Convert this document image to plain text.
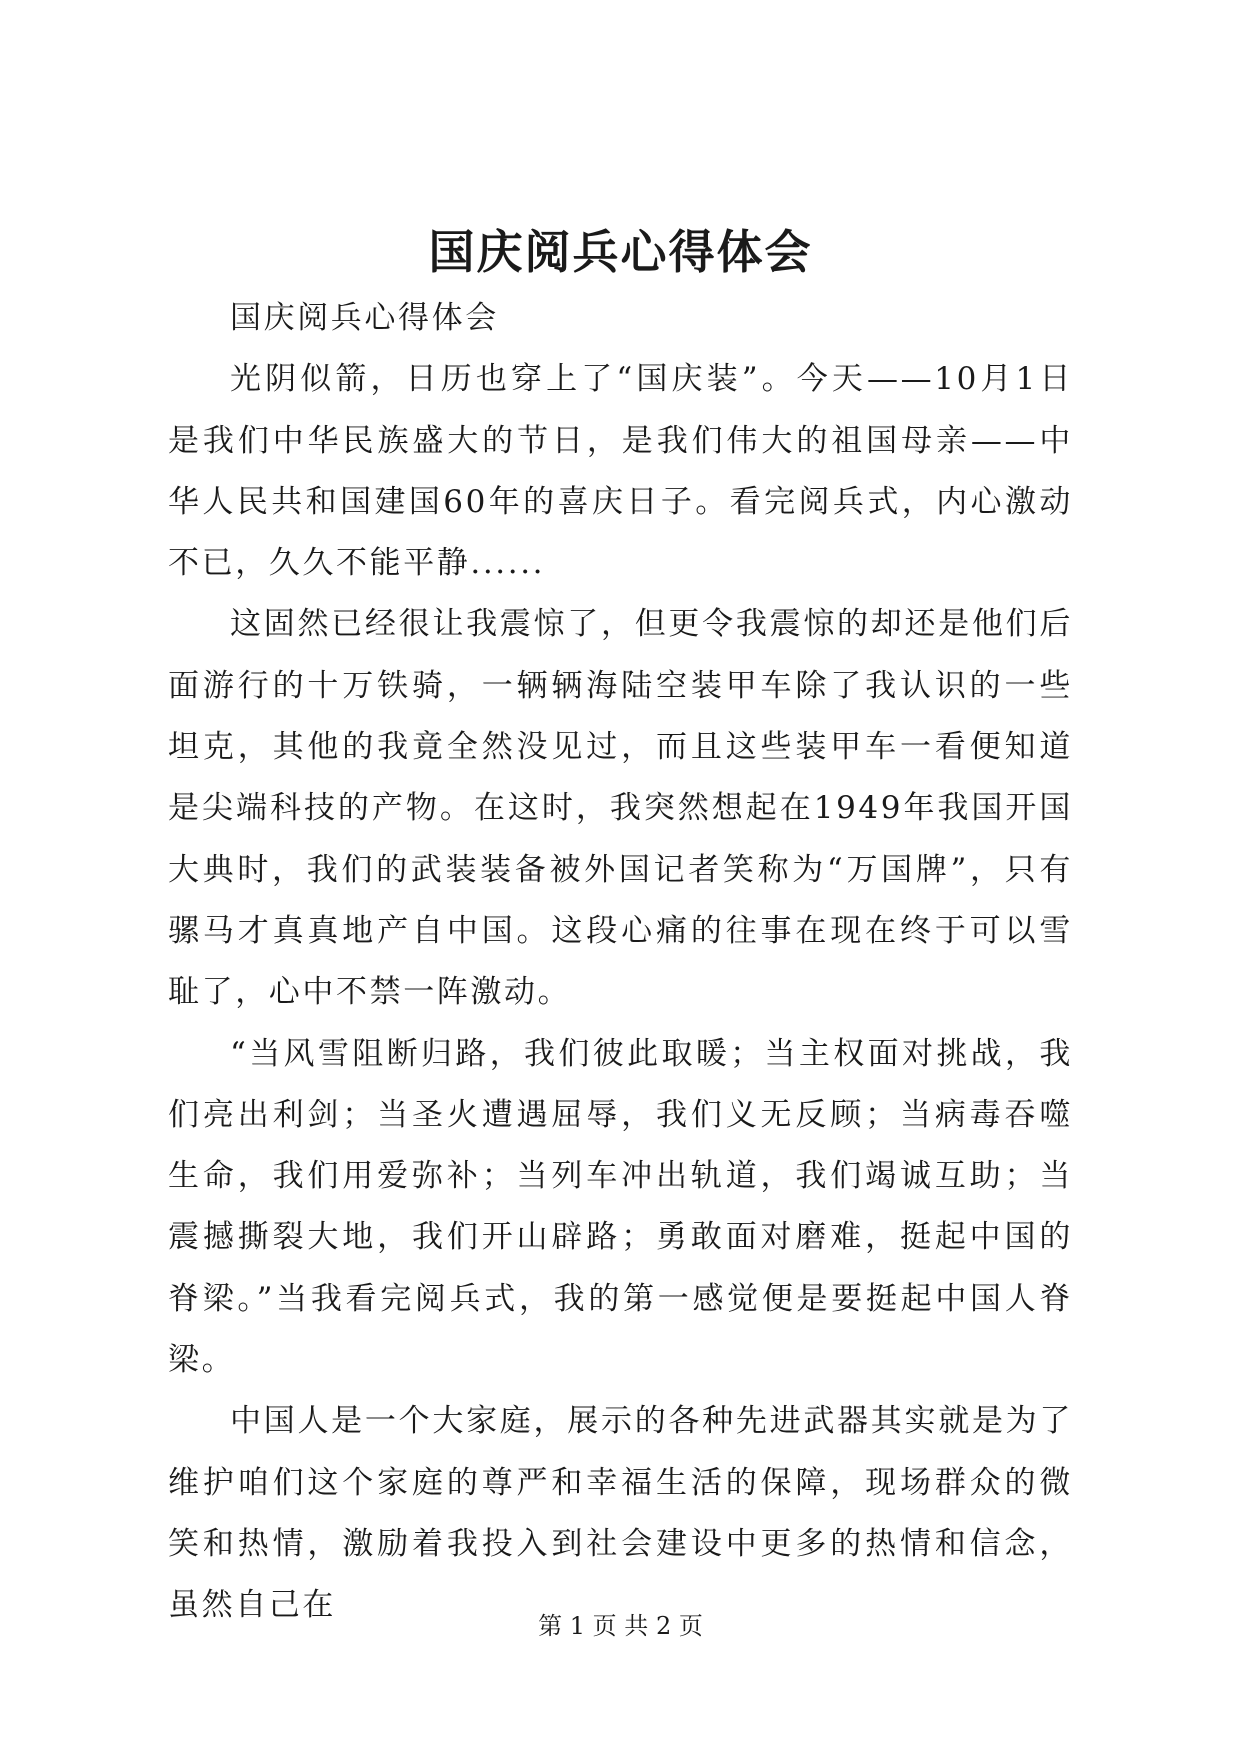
国庆阅兵心得体会

国庆阅兵心得体会

光阴似箭，日历也穿上了“国庆装”。今天——10月1日是我们中华民族盛大的节日，是我们伟大的祖国母亲——中华人民共和国建国60年的喜庆日子。看完阅兵式，内心激动不已，久久不能平静......

这固然已经很让我震惊了，但更令我震惊的却还是他们后面游行的十万铁骑，一辆辆海陆空装甲车除了我认识的一些坦克，其他的我竟全然没见过，而且这些装甲车一看便知道是尖端科技的产物。在这时，我突然想起在1949年我国开国大典时，我们的武装装备被外国记者笑称为“万国牌”，只有骡马才真真地产自中国。这段心痛的往事在现在终于可以雪耻了，心中不禁一阵激动。

“当风雪阻断归路，我们彼此取暖；当主权面对挑战，我们亮出利剑；当圣火遭遇屈辱，我们义无反顾；当病毒吞噬生命，我们用爱弥补；当列车冲出轨道，我们竭诚互助；当震撼撕裂大地，我们开山辟路；勇敢面对磨难，挺起中国的脊梁。”当我看完阅兵式，我的第一感觉便是要挺起中国人脊梁。

中国人是一个大家庭，展示的各种先进武器其实就是为了维护咱们这个家庭的尊严和幸福生活的保障，现场群众的微笑和热情，激励着我投入到社会建设中更多的热情和信念，虽然自己在

第 1 页 共 2 页
